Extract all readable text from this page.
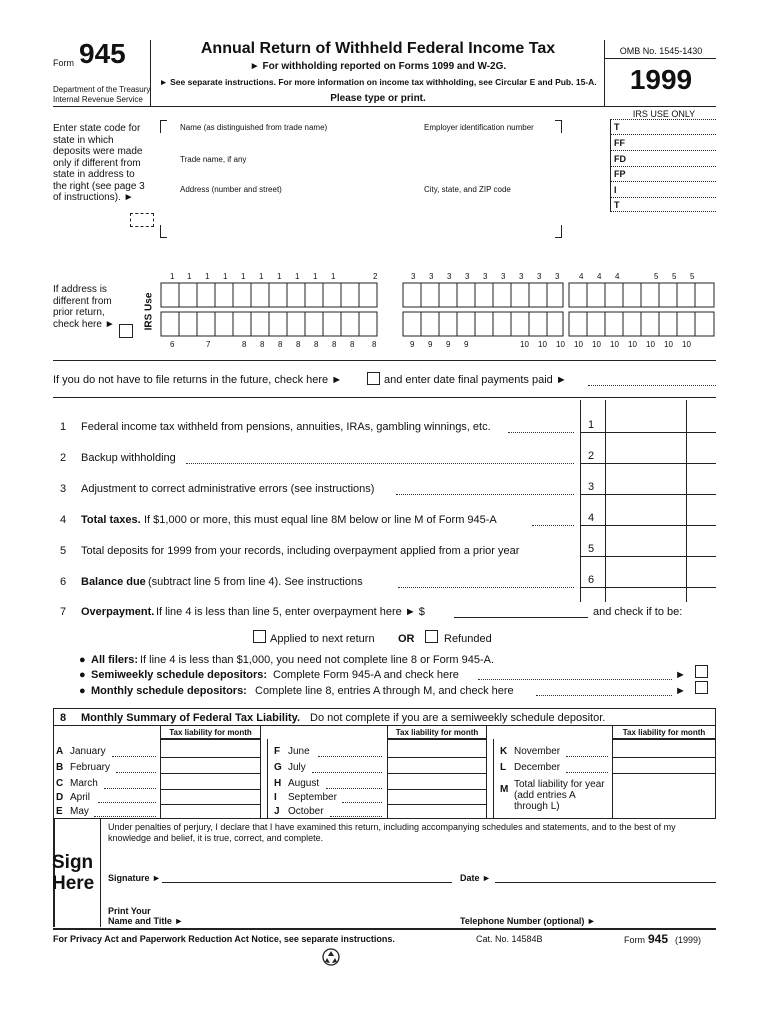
Form 945
Department of the Treasury
Internal Revenue Service
Annual Return of Withheld Federal Income Tax
► For withholding reported on Forms 1099 and W-2G.
► See separate instructions. For more information on income tax withholding, see Circular E and Pub. 15-A.
Please type or print.
OMB No. 1545-1430
1999
Enter state code for state in which deposits were made only if different from state in address to the right (see page 3 of instructions). ►
Name (as distinguished from trade name)	Employer identification number
Trade name, if any
Address (number and street)	City, state, and ZIP code
IRS USE ONLY
T
FF
FD
FP
I
T
If address is different from prior return, check here ►	IRS Use
1 1 1 1 1 1 1 1 1 1	2	3 3 3 3 3 3 3 3 3 4 4 4	5 5 5
6	7	8 8 8 8 8 8 8 8	9 9 9 9	10 10 10 10 10 10 10 10 10 10
If you do not have to file returns in the future, check here ►	and enter date final payments paid ►
1 Federal income tax withheld from pensions, annuities, IRAs, gambling winnings, etc.	1
2 Backup withholding	2
3 Adjustment to correct administrative errors (see instructions)	3
4 Total taxes. If $1,000 or more, this must equal line 8M below or line M of Form 945-A	4
5 Total deposits for 1999 from your records, including overpayment applied from a prior year	5
6 Balance due (subtract line 5 from line 4). See instructions	6
7 Overpayment. If line 4 is less than line 5, enter overpayment here ► $	and check if to be:
Applied to next return OR	Refunded
● All filers: If line 4 is less than $1,000, you need not complete line 8 or Form 945-A.
● Semiweekly schedule depositors: Complete Form 945-A and check here	►
● Monthly schedule depositors: Complete line 8, entries A through M, and check here	►
8 Monthly Summary of Federal Tax Liability. Do not complete if you are a semiweekly schedule depositor.
Tax liability for month	Tax liability for month	Tax liability for month
A January
B February
C March
D April
E May
F June
G July
H August
I September
J October
K November
L December
M Total liability for year (add entries A through L)
Sign
Here
Under penalties of perjury, I declare that I have examined this return, including accompanying schedules and statements, and to the best of my knowledge and belief, it is true, correct, and complete.
Signature ►	Date ►
Print Your
Name and Title ►	Telephone Number (optional) ►
For Privacy Act and Paperwork Reduction Act Notice, see separate instructions.	Cat. No. 14584B	Form 945 (1999)
